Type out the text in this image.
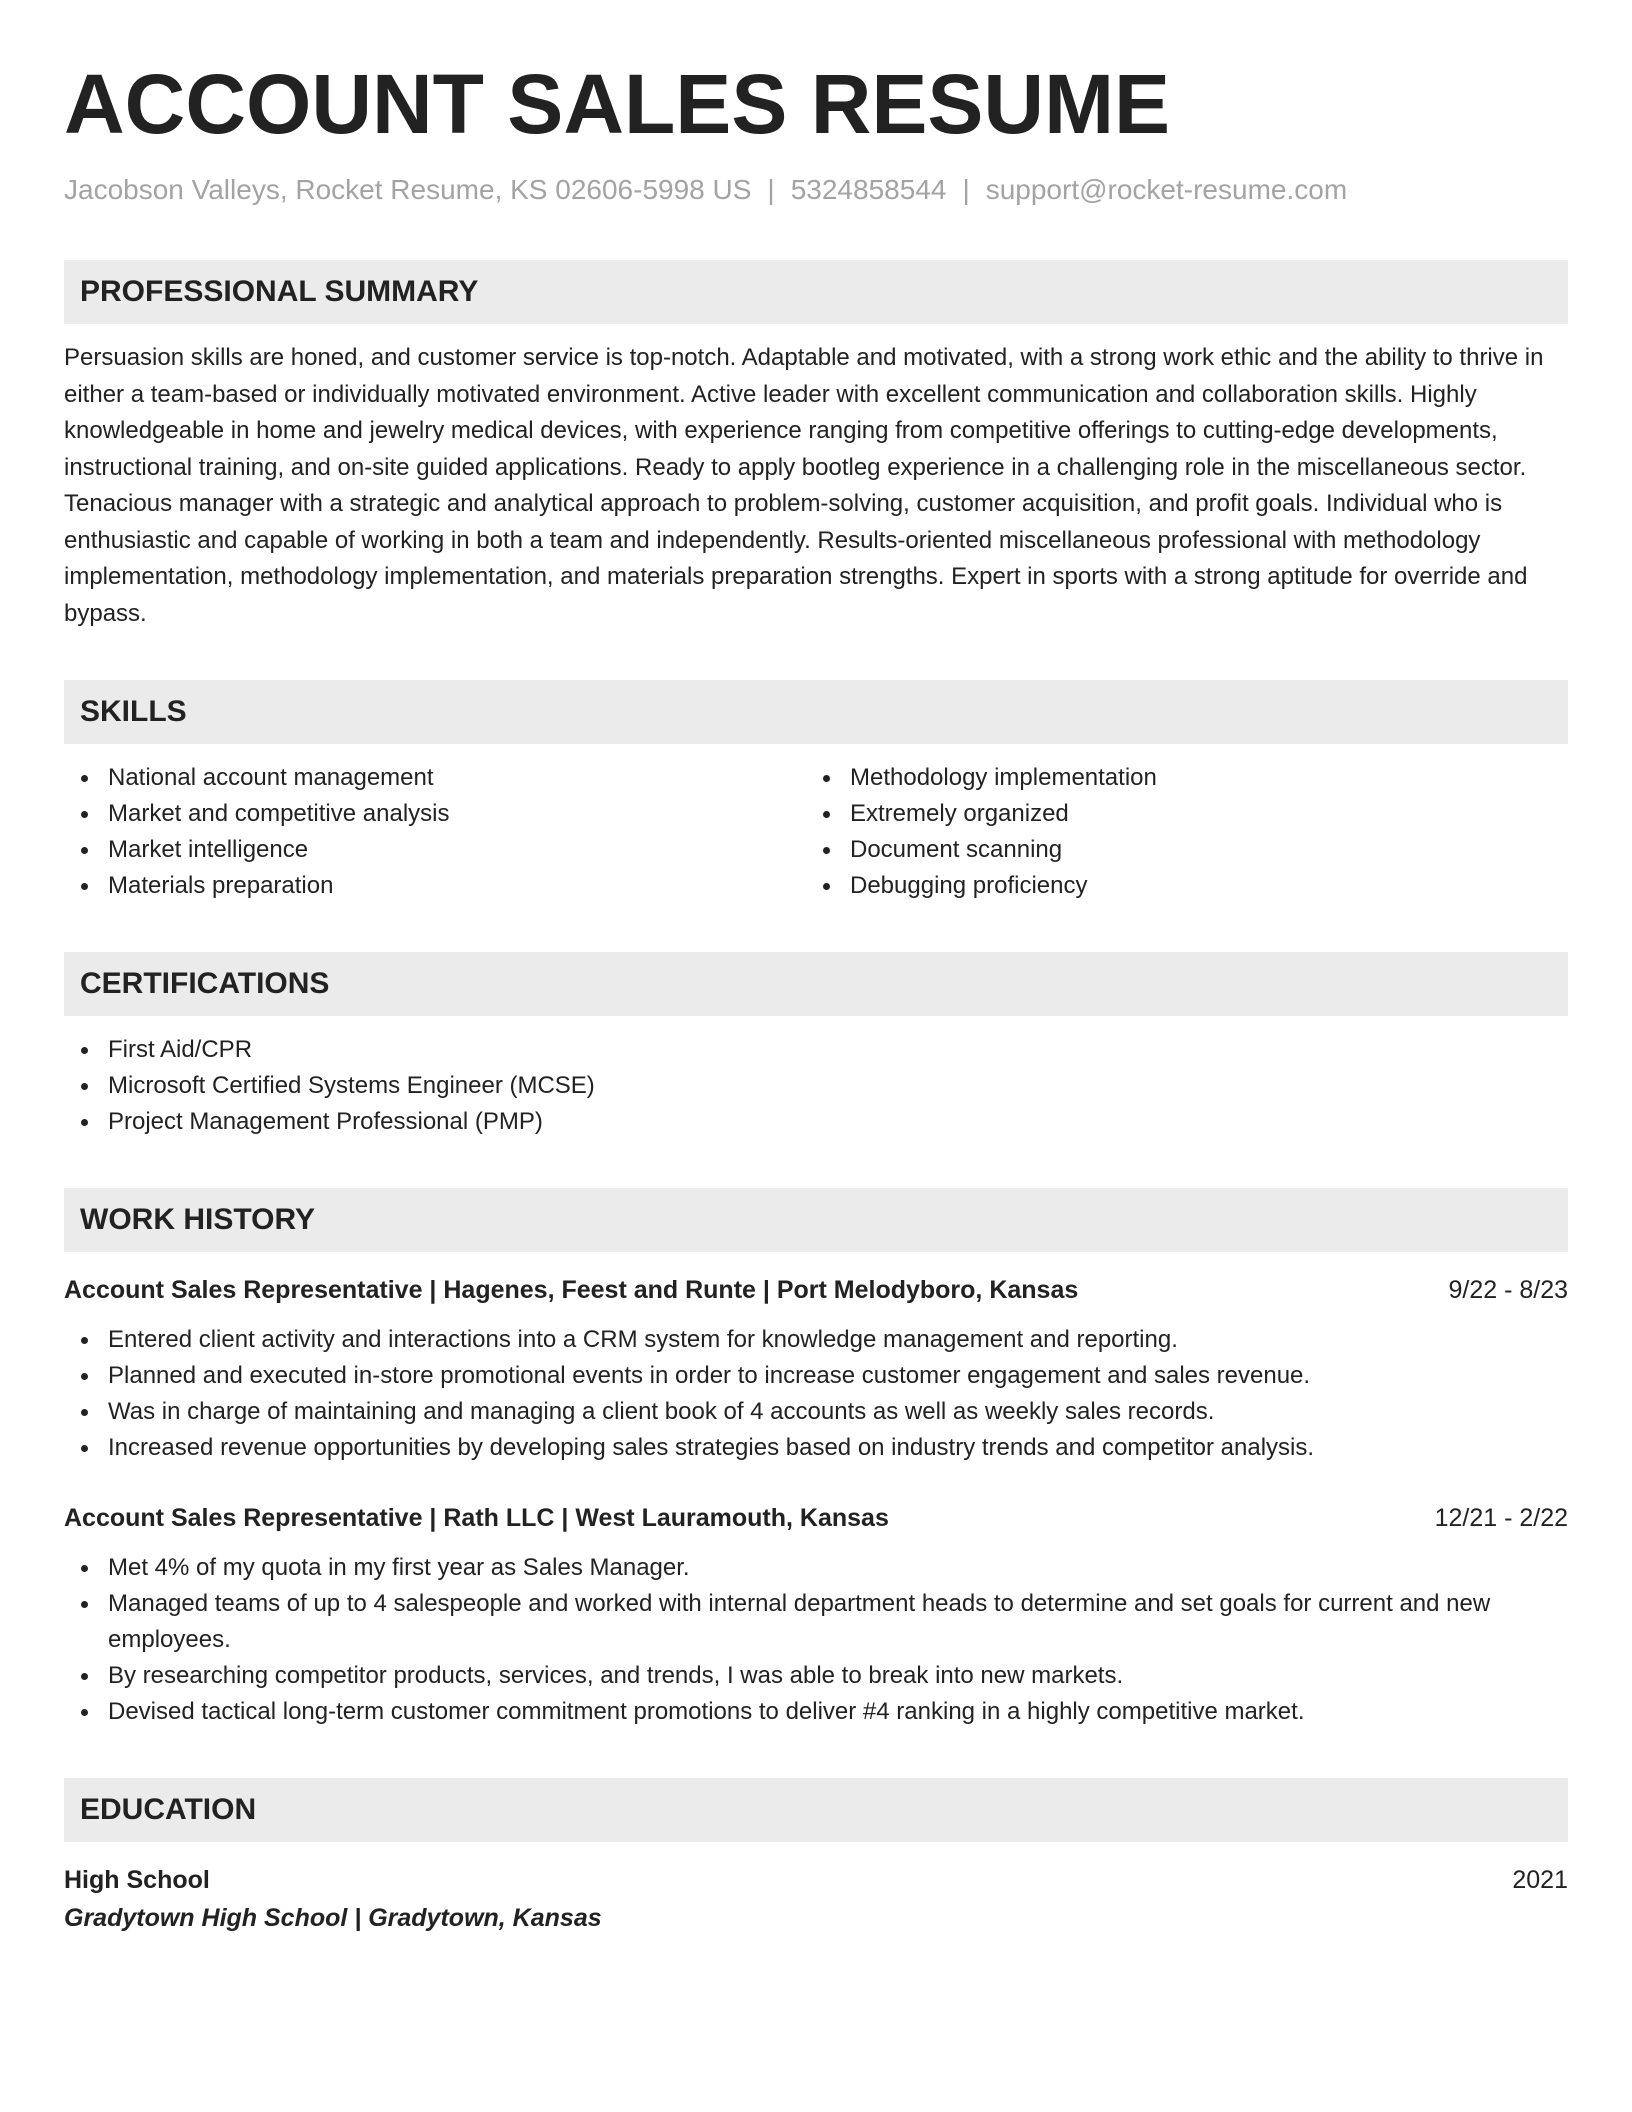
ACCOUNT SALES RESUME
Jacobson Valleys, Rocket Resume, KS 02606-5998 US | 5324858544 | support@rocket-resume.com
PROFESSIONAL SUMMARY

Persuasion skills are honed, and customer service is top-notch. Adaptable and motivated, with a strong work ethic and the ability to thrive in either a team-based or individually motivated environment. Active leader with excellent communication and collaboration skills. Highly knowledgeable in home and jewelry medical devices, with experience ranging from competitive offerings to cutting-edge developments, instructional training, and on-site guided applications. Ready to apply bootleg experience in a challenging role in the miscellaneous sector. Tenacious manager with a strategic and analytical approach to problem-solving, customer acquisition, and profit goals. Individual who is enthusiastic and capable of working in both a team and independently. Results-oriented miscellaneous professional with methodology implementation, methodology implementation, and materials preparation strengths. Expert in sports with a strong aptitude for override and bypass.

SKILLS
National account management
Market and competitive analysis
Market intelligence
Materials preparation
Methodology implementation
Extremely organized
Document scanning
Debugging proficiency
CERTIFICATIONS
First Aid/CPR
Microsoft Certified Systems Engineer (MCSE)
Project Management Professional (PMP)
WORK HISTORY
Account Sales Representative | Hagenes, Feest and Runte | Port Melodyboro, Kansas	9/22 - 8/23
Entered client activity and interactions into a CRM system for knowledge management and reporting.
Planned and executed in-store promotional events in order to increase customer engagement and sales revenue.
Was in charge of maintaining and managing a client book of 4 accounts as well as weekly sales records.
Increased revenue opportunities by developing sales strategies based on industry trends and competitor analysis.
Account Sales Representative | Rath LLC | West Lauramouth, Kansas	12/21 - 2/22
Met 4% of my quota in my first year as Sales Manager.
Managed teams of up to 4 salespeople and worked with internal department heads to determine and set goals for current and new employees.
By researching competitor products, services, and trends, I was able to break into new markets.
Devised tactical long-term customer commitment promotions to deliver #4 ranking in a highly competitive market.
EDUCATION
High School	2021
Gradytown High School | Gradytown, Kansas
